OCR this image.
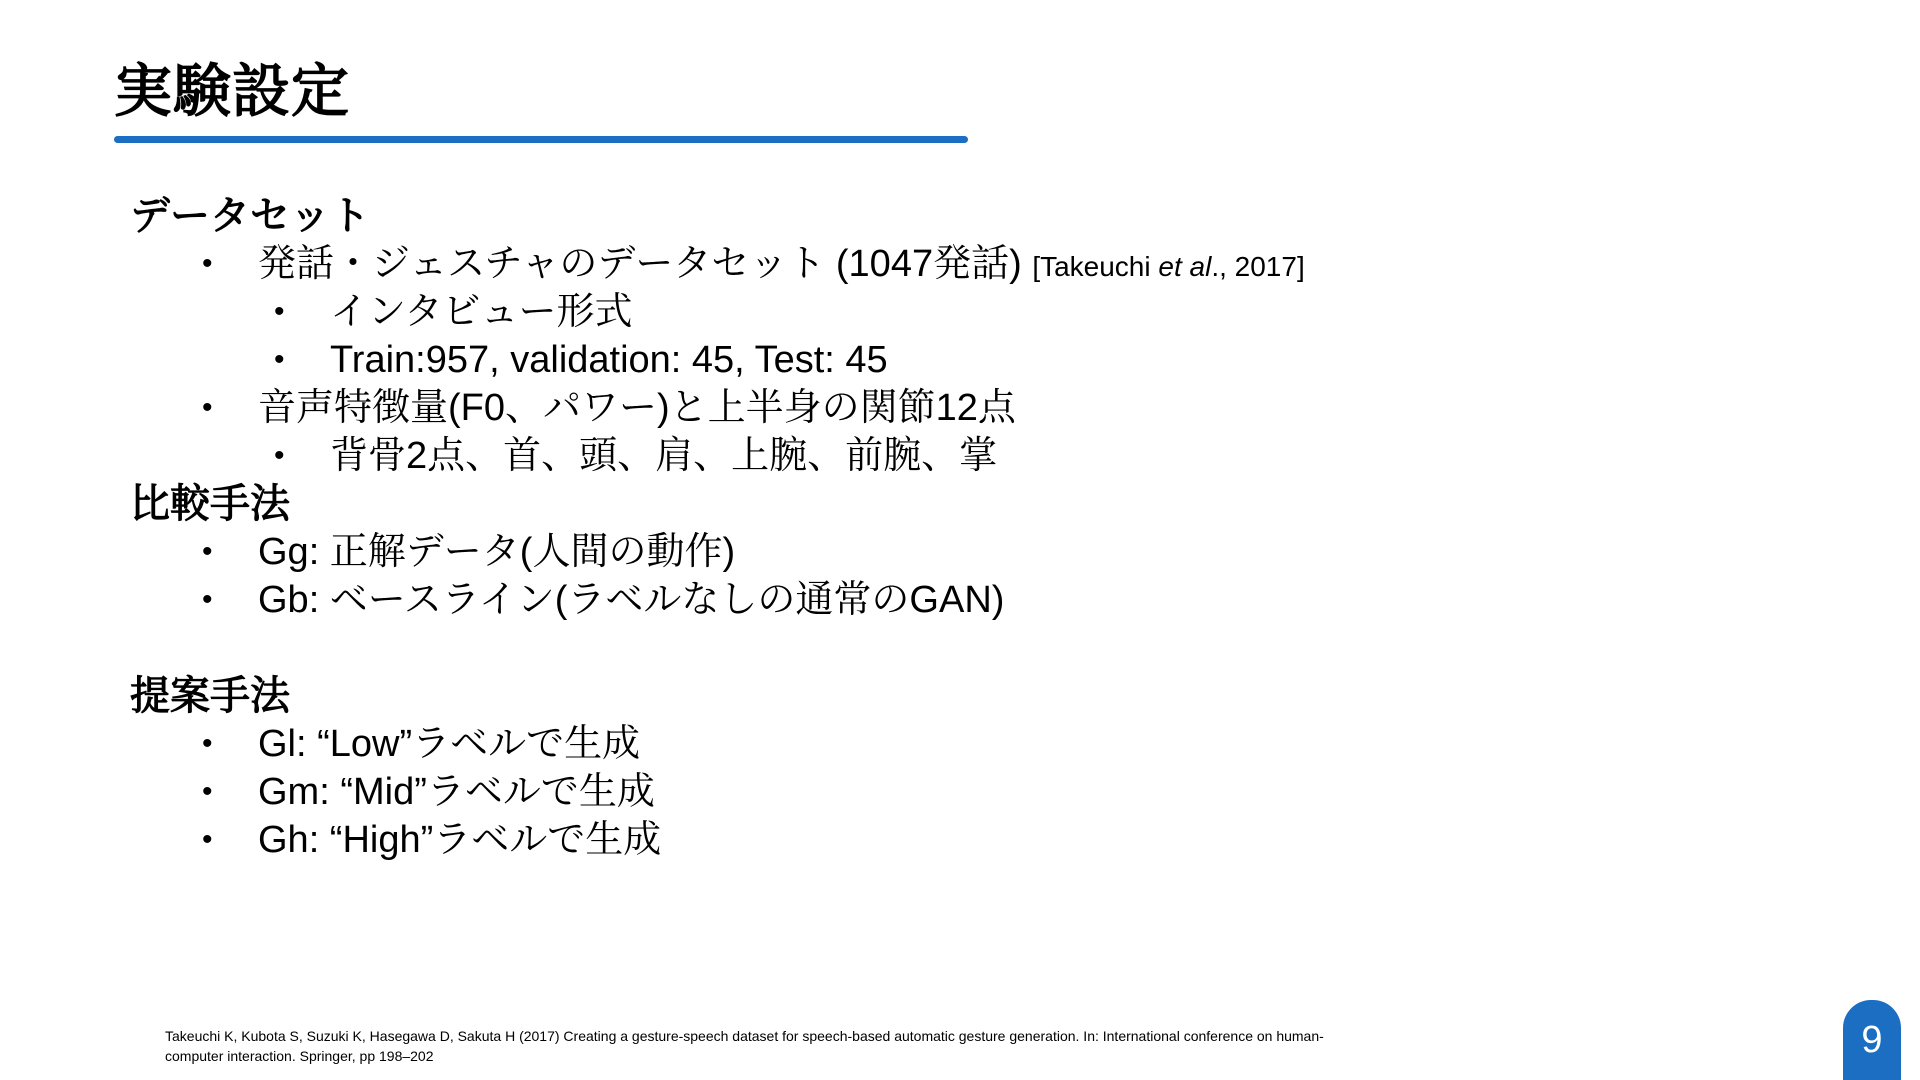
実験設定
データセット
• 発話・ジェスチャのデータセット (1047発話) [Takeuchi et al., 2017]
• インタビュー形式
• Train:957, validation: 45, Test: 45
• 音声特徴量(F0、パワー)と上半身の関節12点
• 背骨2点、首、頭、肩、上腕、前腕、掌
比較手法
• Gg: 正解データ(人間の動作)
• Gb: ベースライン(ラベルなしの通常のGAN)
提案手法
• Gl: “Low”ラベルで生成
• Gm: “Mid”ラベルで生成
• Gh: “High”ラベルで生成
Takeuchi K, Kubota S, Suzuki K, Hasegawa D, Sakuta H (2017) Creating a gesture-speech dataset for speech-based automatic gesture generation. In: International conference on human-computer interaction. Springer, pp 198–202	9
